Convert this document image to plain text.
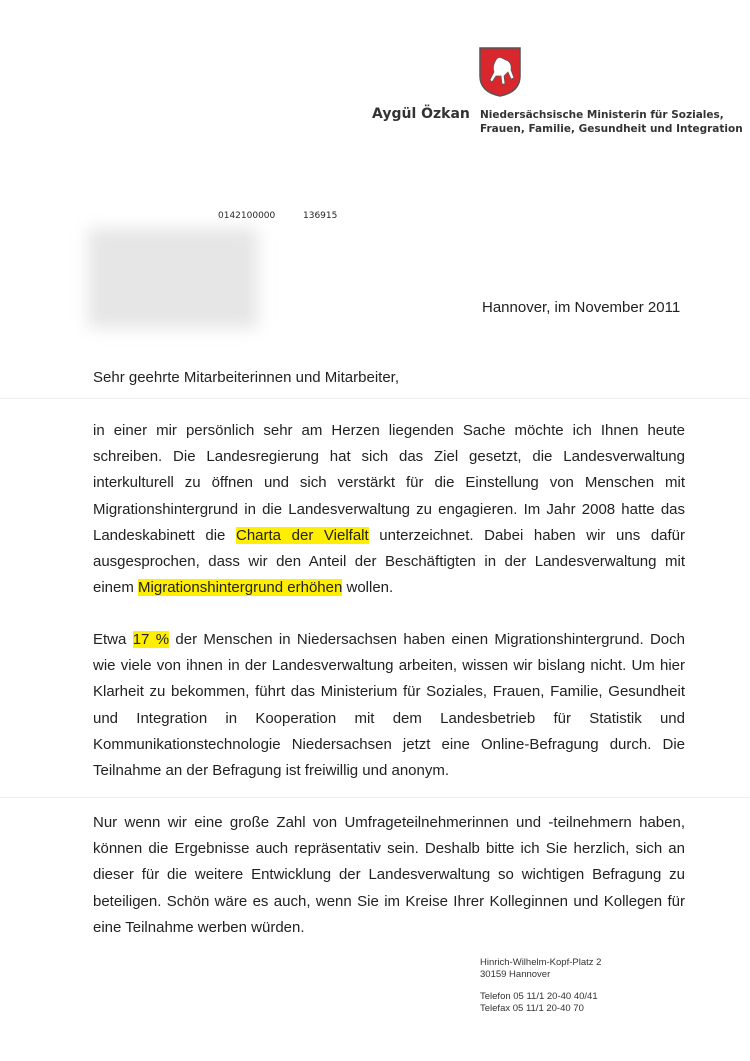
Aygül Özkan Niedersächsische Ministerin für Soziales,
Frauen, Familie, Gesundheit und Integration
0142100000	136915
Hannover, im November 2011
Sehr geehrte Mitarbeiterinnen und Mitarbeiter,
in einer mir persönlich sehr am Herzen liegenden Sache möchte ich Ihnen heute
schreiben. Die Landesregierung hat sich das Ziel gesetzt, die Landesverwaltung
interkulturell zu öffnen und sich verstärkt für die Einstellung von Menschen mit
Migrationshintergrund in die Landesverwaltung zu engagieren. Im Jahr 2008 hatte das
Landeskabinett die Charta der Vielfalt unterzeichnet. Dabei haben wir uns dafür
ausgesprochen, dass wir den Anteil der Beschäftigten in der Landesverwaltung mit
einem Migrationshintergrund erhöhen wollen.
Etwa 17 % der Menschen in Niedersachsen haben einen Migrationshintergrund. Doch
wie viele von ihnen in der Landesverwaltung arbeiten, wissen wir bislang nicht. Um hier
Klarheit zu bekommen, führt das Ministerium für Soziales, Frauen, Familie, Gesundheit
und Integration in Kooperation mit dem Landesbetrieb für Statistik und
Kommunikationstechnologie Niedersachsen jetzt eine Online-Befragung durch. Die
Teilnahme an der Befragung ist freiwillig und anonym.
Nur wenn wir eine große Zahl von Umfrageteilnehmerinnen und -teilnehmern haben,
können die Ergebnisse auch repräsentativ sein. Deshalb bitte ich Sie herzlich, sich an
dieser für die weitere Entwicklung der Landesverwaltung so wichtigen Befragung zu
beteiligen. Schön wäre es auch, wenn Sie im Kreise Ihrer Kolleginnen und Kollegen für
eine Teilnahme werben würden.
Hinrich-Wilhelm-Kopf-Platz 2
30159 Hannover
Telefon 05 11/1 20-40 40/41
Telefax 05 11/1 20-40 70
